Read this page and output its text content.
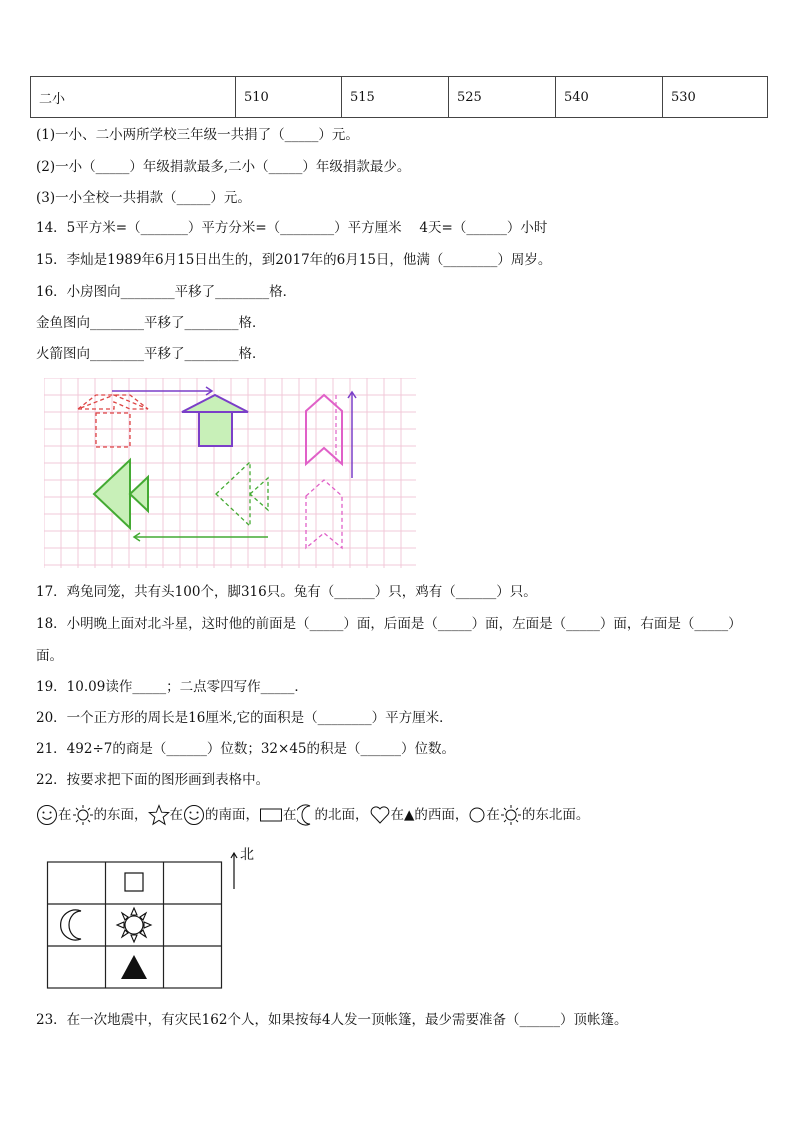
二小	510	515	525	540	530
(1)一小、二小两所学校三年级一共捐了（_____）元。
(2)一小（_____）年级捐款最多,二小（_____）年级捐款最少。
(3)一小全校一共捐款（_____）元。
14．5平方米=（_______）平方分米=（________）平方厘米　 4天=（______）小时
15．李灿是1989年6月15日出生的，到2017年的6月15日，他满（________）周岁。
16．小房图向________平移了________格．
金鱼图向________平移了________格．
火箭图向________平移了________格．
17．鸡兔同笼，共有头100个，脚316只。兔有（______）只，鸡有（______）只。
18．小明晚上面对北斗星，这时他的前面是（_____）面，后面是（_____）面，左面是（_____）面，右面是（_____）
面。
19．10.09读作_____；二点零四写作_____．
20．一个正方形的周长是16厘米,它的面积是（________）平方厘米．
21．492÷7的商是（______）位数；32×45的积是（______）位数。
22．按要求把下面的图形画到表格中。
在 的东面， 在 的南面， 在 的北面， 在▲的西面， 在 的东北面。
北
23．在一次地震中，有灾民162个人，如果按每4人发一顶帐篷，最少需要准备（______）顶帐篷。
